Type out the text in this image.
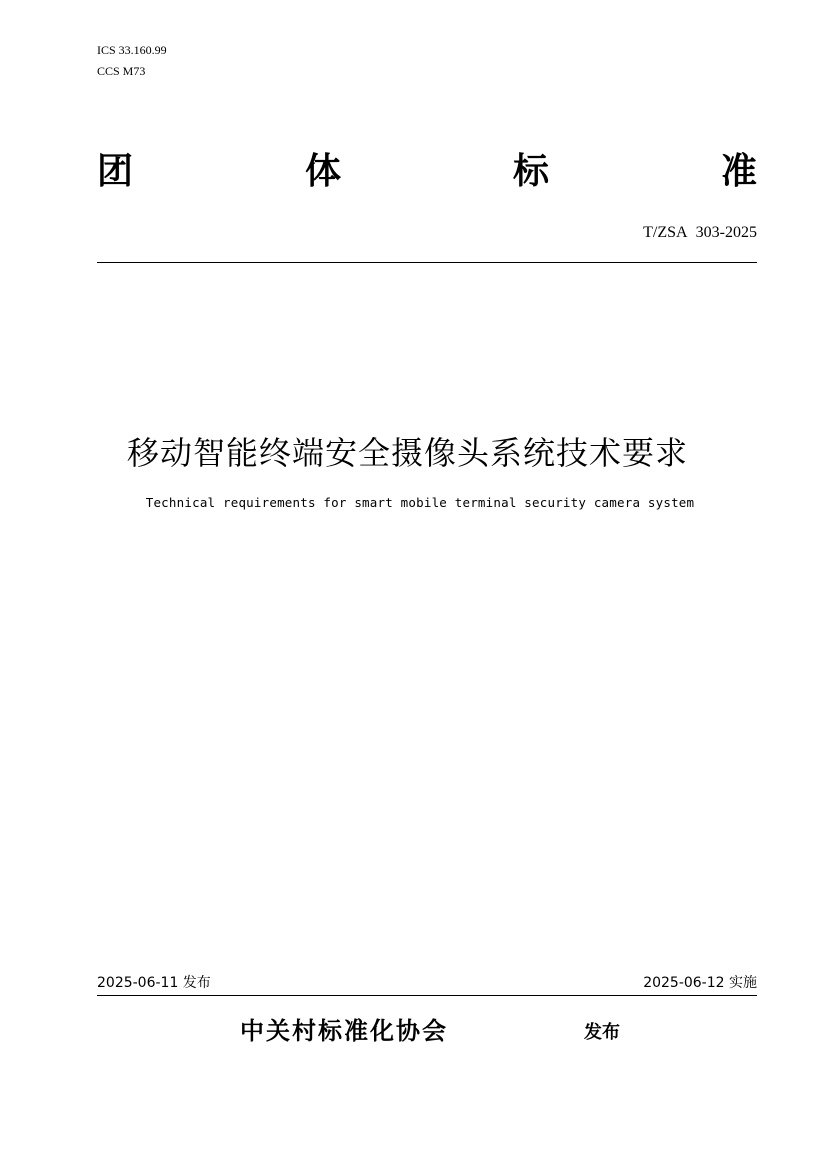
ICS 33.160.99
CCS M73
团	体	标	准
T/ZSA 303-2025
移动智能终端安全摄像头系统技术要求
Technical requirements for smart mobile terminal security camera system
2025-06-11 发布	2025-06-12 实施
中关村标准化协会	发布
